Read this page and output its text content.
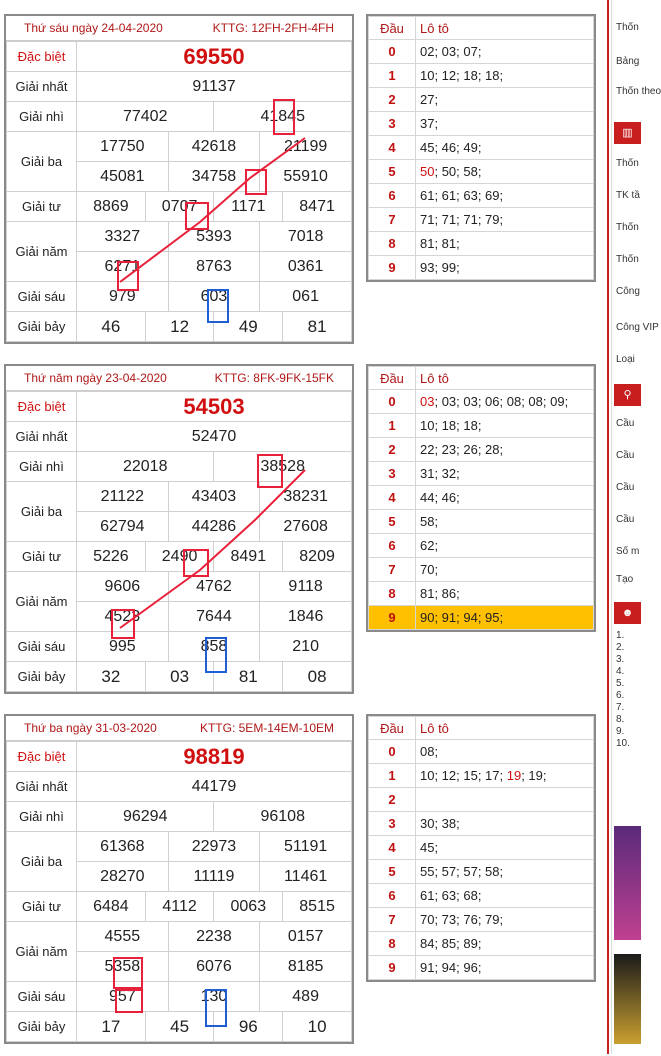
Thứ sáu ngày 24-04-2020	KTTG: 12FH-2FH-4FH
Đặc biệt	69550					
Giải nhất	91137					
Giải nhì	77402			41845		
Giải ba	17750		42618		21199	
	45081		34758		55910	
Giải tư	8869	0707		1171		8471
Giải năm	3327		5393		7018	
	6271		8763		0361	
Giải sáu	979		603		061	
Giải bảy	46	12		49		81
Đầu	Lô tô
0	02; 03; 07;
1	10; 12; 18; 18;
2	27;
3	37;
4	45; 46; 49;
5	50; 50; 58;
6	61; 61; 63; 69;
7	71; 71; 71; 79;
8	81; 81;
9	93; 99;
Thứ năm ngày 23-04-2020	KTTG: 8FK-9FK-15FK
Đặc biệt	54503					
Giải nhất	52470					
Giải nhì	22018			38528		
Giải ba	21122		43403		38231	
	62794		44286		27608	
Giải tư	5226	2490		8491		8209
Giải năm	9606		4762		9118	
	4523		7644		1846	
Giải sáu	995		858		210	
Giải bảy	32	03		81		08
Đầu	Lô tô
0	03; 03; 03; 06; 08; 08; 09;
1	10; 18; 18;
2	22; 23; 26; 28;
3	31; 32;
4	44; 46;
5	58;
6	62;
7	70;
8	81; 86;
9	90; 91; 94; 95;
Thứ ba ngày 31-03-2020	KTTG: 5EM-14EM-10EM
Đặc biệt	98819					
Giải nhất	44179					
Giải nhì	96294			96108		
Giải ba	61368		22973		51191	
	28270		11119		11461	
Giải tư	6484	4112		0063		8515
Giải năm	4555		2238		0157	
	5358		6076		8185	
Giải sáu	957		130		489	
Giải bảy	17	45		96		10
Đầu	Lô tô
0	08;
1	10; 12; 15; 17; 19; 19;
2	
3	30; 38;
4	45;
5	55; 57; 57; 58;
6	61; 63; 68;
7	70; 73; 76; 79;
8	84; 85; 89;
9	91; 94; 96;
Thốn
Bảng
Thốn theo
Thốn
TK tầ
Thốn
Thốn
Công
Công VIP
Loại
Cầu
Cầu
Cầu
Cầu
Số m
Tạo
▥
⚲
☻
1.
2.
3.
4.
5.
6.
7.
8.
9.
10.
